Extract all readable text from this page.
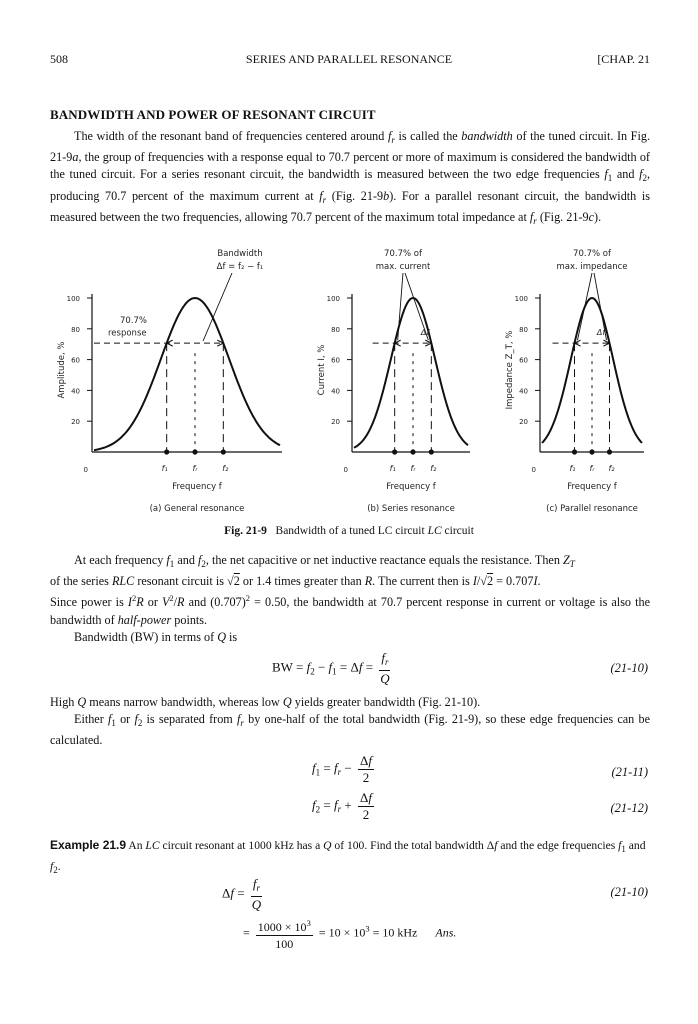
508	SERIES AND PARALLEL RESONANCE	[CHAP. 21
BANDWIDTH AND POWER OF RESONANT CIRCUIT

The width of the resonant band of frequencies centered around $f_r$ is called the bandwidth of the tuned circuit. In Fig. 21-9a, the group of frequencies with a response equal to 70.7 percent or more of maximum is considered the bandwidth of the tuned circuit. For a series resonant circuit, the bandwidth is measured between the two edge frequencies $f_1$ and $f_2$, producing 70.7 percent of the maximum current at $f_r$ (Fig. 21-9b). For a parallel resonant circuit, the bandwidth is measured between the two frequencies, allowing 70.7 percent of the maximum total impedance at $f_r$ (Fig. 21-9c).

100
80
60
40
20
0	f₁	fᵣ	f₂
Amplitude, %
Frequency f
(a) General resonance
Bandwidth
Δf = f₂ − f₁
70.7%
response
100
80
60
40
20
0	f₁ fᵣ f₂
Current I, %
Frequency f
(b) Series resonance
70.7% of
max. current
Δf
100
80
60
40
20
0	f₁ fᵣ f₂
Impedance Z_T, %
Frequency f
(c) Parallel resonance
70.7% of
max. impedance
Δf
Fig. 21-9 Bandwidth of a tuned LC circuit LC circuit

At each frequency $f_1$ and $f_2$, the net capacitive or net inductive reactance equals the resistance. Then $Z_T$

of the series RLC resonant circuit is √2 or 1.4 times greater than R. The current then is I/√2 = 0.707I.

Since power is $I^2R$ or $V^2/R$ and $(0.707)^2 = 0.50$, the bandwidth at 70.7 percent response in current or voltage is also the bandwidth of half-power points.

Bandwidth (BW) in terms of Q is

BW = $f_2 - f_1 = \Delta f = \frac{f_r}{Q}$	(21-10)

High Q means narrow bandwidth, whereas low Q yields greater bandwidth (Fig. 21-10).

Either $f_1$ or $f_2$ is separated from $f_r$ by one-half of the total bandwidth (Fig. 21-9), so these edge frequencies can be calculated.

$f_1 = f_r - \frac{\Delta f}{2}$	(21-11)
$f_2 = f_r + \frac{\Delta f}{2}$	(21-12)
Example 21.9 An LC circuit resonant at 1000 kHz has a Q of 100. Find the total bandwidth Δf and the edge frequencies $f_1$ and $f_2$.
$\Delta f = \frac{f_r}{Q}$	(21-10)
= $\frac{1000 \times 10^3}{100} = 10 \times 10^3 = 10$ kHz Ans.
